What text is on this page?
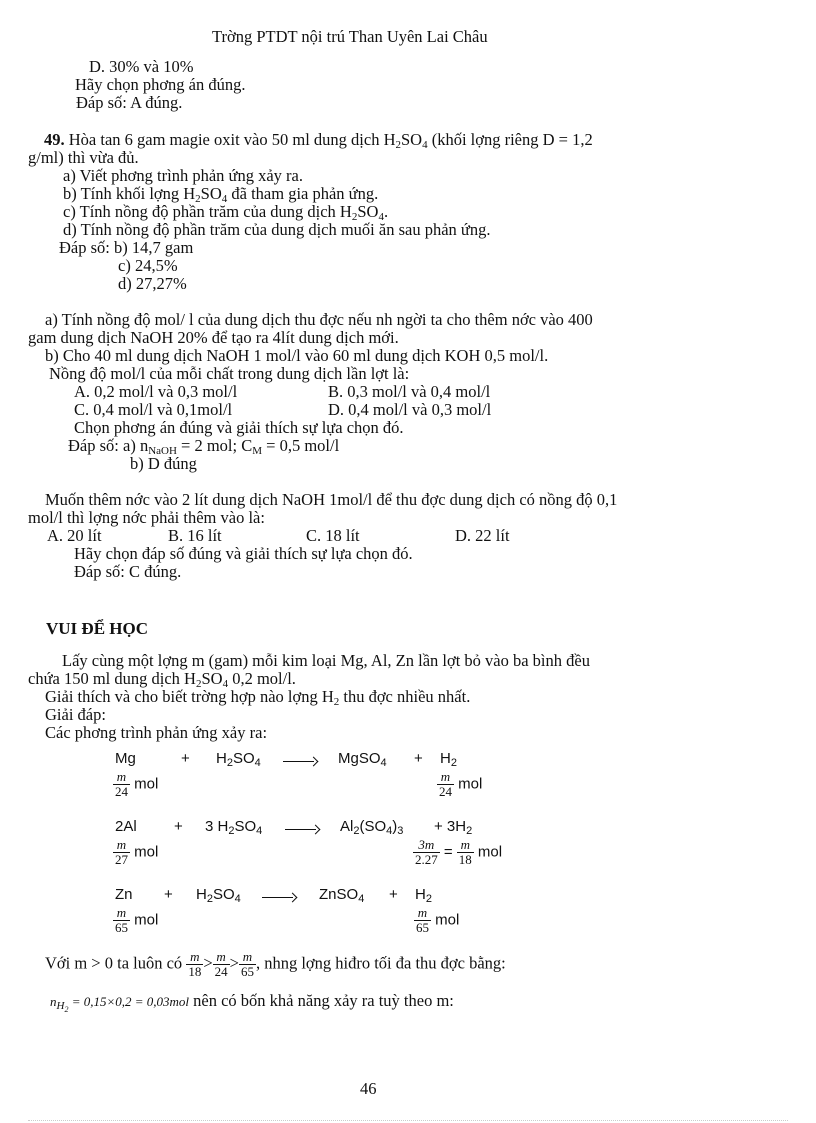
Trờng PTDT nội trú Than Uyên Lai Châu
D. 30% và 10%
Hãy chọn phơng án đúng.
Đáp số: A đúng.
49. Hòa tan 6 gam magie oxit vào 50 ml dung dịch $H_2SO_4$ (khối lợng riêng D = 1,2
g/ml) thì vừa đủ.
a) Viết phơng trình phản ứng xảy ra.
b) Tính khối lợng $H_2SO_4$ đã tham gia phản ứng.
c) Tính nồng độ phần trăm của dung dịch $H_2SO_4$.
d) Tính nồng độ phần trăm của dung dịch muối ăn sau phản ứng.
Đáp số: b) 14,7 gam
c) 24,5%
d) 27,27%
a) Tính nồng độ mol/ l của dung dịch thu đợc nếu nh ngời ta cho thêm nớc vào 400
gam dung dịch NaOH 20% để tạo ra 4lít dung dịch mới.
b) Cho 40 ml dung dịch NaOH 1 mol/l vào 60 ml dung dịch KOH 0,5 mol/l.
Nồng độ mol/l của mỗi chất trong dung dịch lần lợt là:
A. 0,2 mol/l và 0,3 mol/l	B. 0,3 mol/l và 0,4 mol/l
C. 0,4 mol/l và 0,1mol/l	D. 0,4 mol/l và 0,3 mol/l
Chọn phơng án đúng và giải thích sự lựa chọn đó.
Đáp số: a) $n_{NaOH} = 2$ mol; $C_M = 0,5$ mol/l
b) D đúng
Muốn thêm nớc vào 2 lít dung dịch NaOH 1mol/l để thu đợc dung dịch có nồng độ 0,1
mol/l thì lợng nớc phải thêm vào là:
A. 20 lít	B. 16 lít	C. 18 lít	D. 22 lít
Hãy chọn đáp số đúng và giải thích sự lựa chọn đó.
Đáp số: C đúng.
VUI ĐỂ HỌC
Lấy cùng một lợng m (gam) mỗi kim loại Mg, Al, Zn lần lợt bỏ vào ba bình đều
chứa 150 ml dung dịch $H_2SO_4$ 0,2 mol/l.
Giải thích và cho biết trờng hợp nào lợng $H_2$ thu đợc nhiều nhất.
Giải đáp:
Các phơng trình phản ứng xảy ra:
Mg	+ $H_2SO_4$	MgSO$_4$ + $H_2$
$\frac{m}{24}$ mol	$\frac{m}{24}$ mol
2Al + 3 $H_2SO_4$	$Al_2(SO_4)_3 + 3H_2$
$\frac{m}{27}$ mol	$\frac{3m}{2.27} = \frac{m}{18}$ mol
$Zn + H_2SO_4$	ZnSO$_4$ + $H_2$
$\frac{m}{65}$ mol	$\frac{m}{65}$ mol
Với m > 0 ta luôn có $\frac{m}{18} > \frac{m}{24} > \frac{m}{65}$ , nhng lợng hiđro tối đa thu đợc bằng:
$n_{H_2} = 0,15\times 0,2 = 0,03mol$ nên có bốn khả năng xảy ra tuỳ theo m:
46
